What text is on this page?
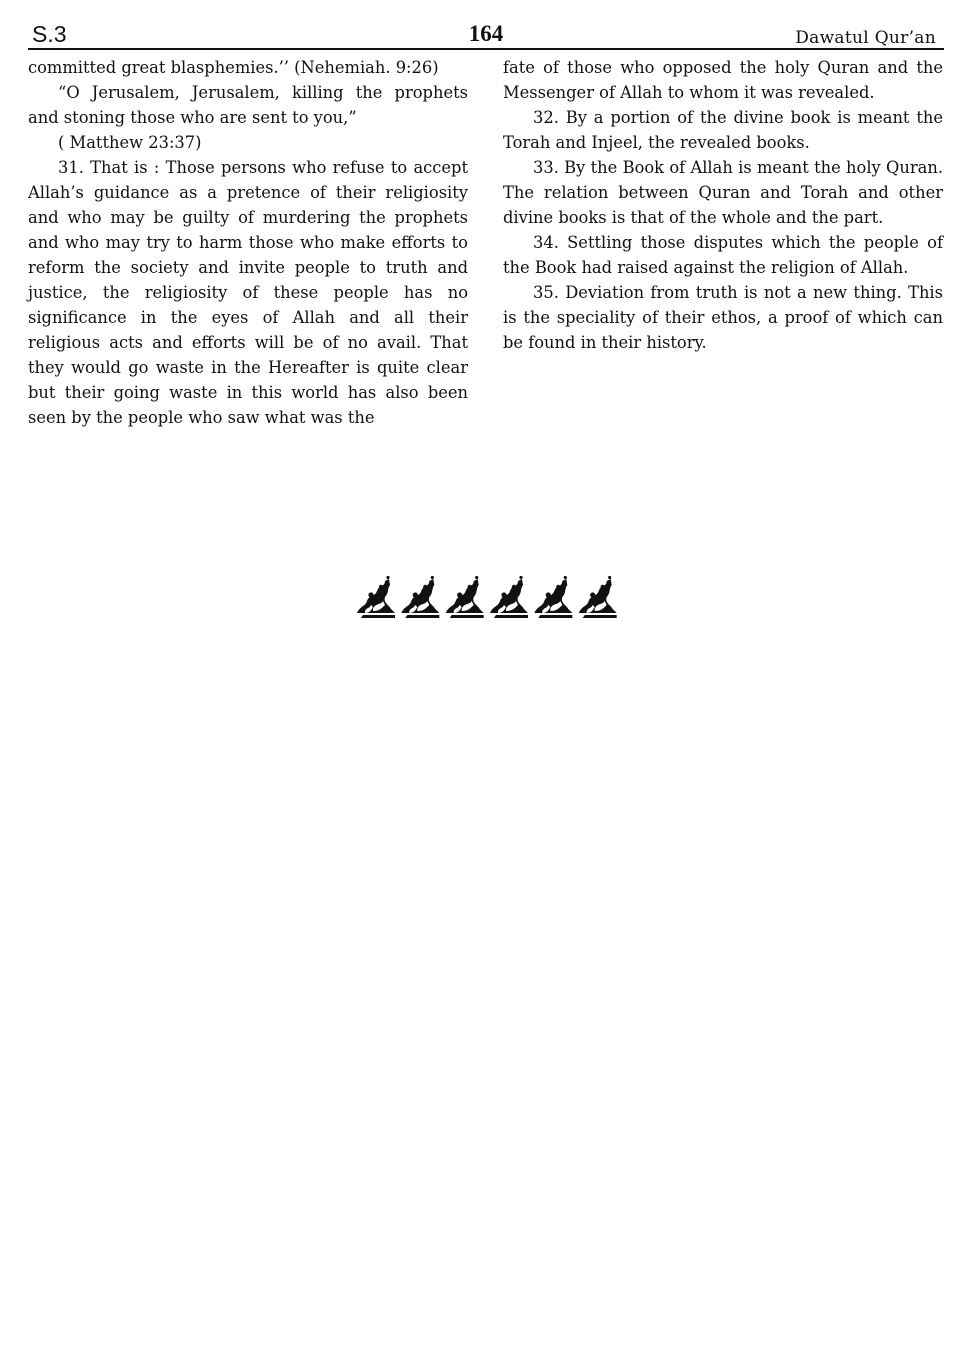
S.3	164	Dawatul Qur’an

committed great blasphemies.’’ (Nehemiah. 9:26)

“O Jerusalem, Jerusalem, killing the prophets and stoning those who are sent to you,”

( Matthew 23:37)

31. That is : Those persons who refuse to accept Allah’s guidance as a pretence of their religiosity and who may be guilty of murdering the prophets and who may try to harm those who make efforts to reform the society and invite people to truth and justice, the religiosity of these people has no significance in the eyes of Allah and all their religious acts and efforts will be of no avail. That they would go waste in the Hereafter is quite clear but their going waste in this world has also been seen by the people who saw what was the

fate of those who opposed the holy Quran and the Messenger of Allah to whom it was revealed.

32. By a portion of the divine book is meant the Torah and Injeel, the revealed books.

33. By the Book of Allah is meant the holy Quran. The relation between Quran and Torah and other divine books is that of the whole and the part.

34. Settling those disputes which the people of the Book had raised against the religion of Allah.

35. Deviation from truth is not a new thing. This is the speciality of their ethos, a proof of which can be found in their history.
